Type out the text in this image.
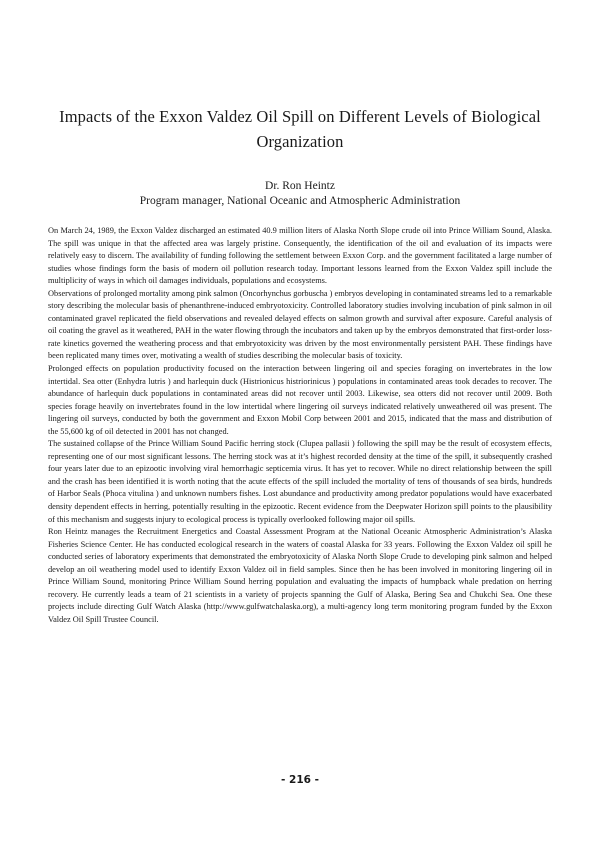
Impacts of the Exxon Valdez Oil Spill on Different Levels of Biological Organization
Dr. Ron Heintz
Program manager, National Oceanic and Atmospheric Administration

On March 24, 1989, the Exxon Valdez discharged an estimated 40.9 million liters of Alaska North Slope crude oil into Prince William Sound, Alaska. The spill was unique in that the affected area was largely pristine. Consequently, the identification of the oil and evaluation of its impacts were relatively easy to discern. The availability of funding following the settlement between Exxon Corp. and the government facilitated a large number of studies whose findings form the basis of modern oil pollution research today. Important lessons learned from the Exxon Valdez spill include the multiplicity of ways in which oil damages individuals, populations and ecosystems.

Observations of prolonged mortality among pink salmon (Oncorhynchus gorbuscha ) embryos developing in contaminated streams led to a remarkable story describing the molecular basis of phenanthrene-induced embryotoxicity. Controlled laboratory studies involving incubation of pink salmon in oil contaminated gravel replicated the field observations and revealed delayed effects on salmon growth and survival after exposure. Careful analysis of oil coating the gravel as it weathered, PAH in the water flowing through the incubators and taken up by the embryos demonstrated that first-order loss-rate kinetics governed the weathering process and that embryotoxicity was driven by the most environmentally persistent PAH. These findings have been replicated many times over, motivating a wealth of studies describing the molecular basis of toxicity.

Prolonged effects on population productivity focused on the interaction between lingering oil and species foraging on invertebrates in the low intertidal. Sea otter (Enhydra lutris ) and harlequin duck (Histrionicus histriorinicus ) populations in contaminated areas took decades to recover. The abundance of harlequin duck populations in contaminated areas did not recover until 2003. Likewise, sea otters did not recover until 2009. Both species forage heavily on invertebrates found in the low intertidal where lingering oil surveys indicated relatively unweathered oil was present. The lingering oil surveys, conducted by both the government and Exxon Mobil Corp between 2001 and 2015, indicated that the mass and distribution of the 55,600 kg of oil detected in 2001 has not changed.

The sustained collapse of the Prince William Sound Pacific herring stock (Clupea pallasii ) following the spill may be the result of ecosystem effects, representing one of our most significant lessons. The herring stock was at it’s highest recorded density at the time of the spill, it subsequently crashed four years later due to an epizootic involving viral hemorrhagic septicemia virus. It has yet to recover. While no direct relationship between the spill and the crash has been identified it is worth noting that the acute effects of the spill included the mortality of tens of thousands of sea birds, hundreds of Harbor Seals (Phoca vitulina ) and unknown numbers fishes. Lost abundance and productivity among predator populations would have exacerbated density dependent effects in herring, potentially resulting in the epizootic. Recent evidence from the Deepwater Horizon spill points to the plausibility of this mechanism and suggests injury to ecological process is typically overlooked following major oil spills.

Ron Heintz manages the Recruitment Energetics and Coastal Assessment Program at the National Oceanic Atmospheric Administration’s Alaska Fisheries Science Center. He has conducted ecological research in the waters of coastal Alaska for 33 years. Following the Exxon Valdez oil spill he conducted series of laboratory experiments that demonstrated the embryotoxicity of Alaska North Slope Crude to developing pink salmon and helped develop an oil weathering model used to identify Exxon Valdez oil in field samples. Since then he has been involved in monitoring lingering oil in Prince William Sound, monitoring Prince William Sound herring population and evaluating the impacts of humpback whale predation on herring recovery. He currently leads a team of 21 scientists in a variety of projects spanning the Gulf of Alaska, Bering Sea and Chukchi Sea. One these projects include directing Gulf Watch Alaska (http://www.gulfwatchalaska.org), a multi-agency long term monitoring program funded by the Exxon Valdez Oil Spill Trustee Council.

- 216 -
